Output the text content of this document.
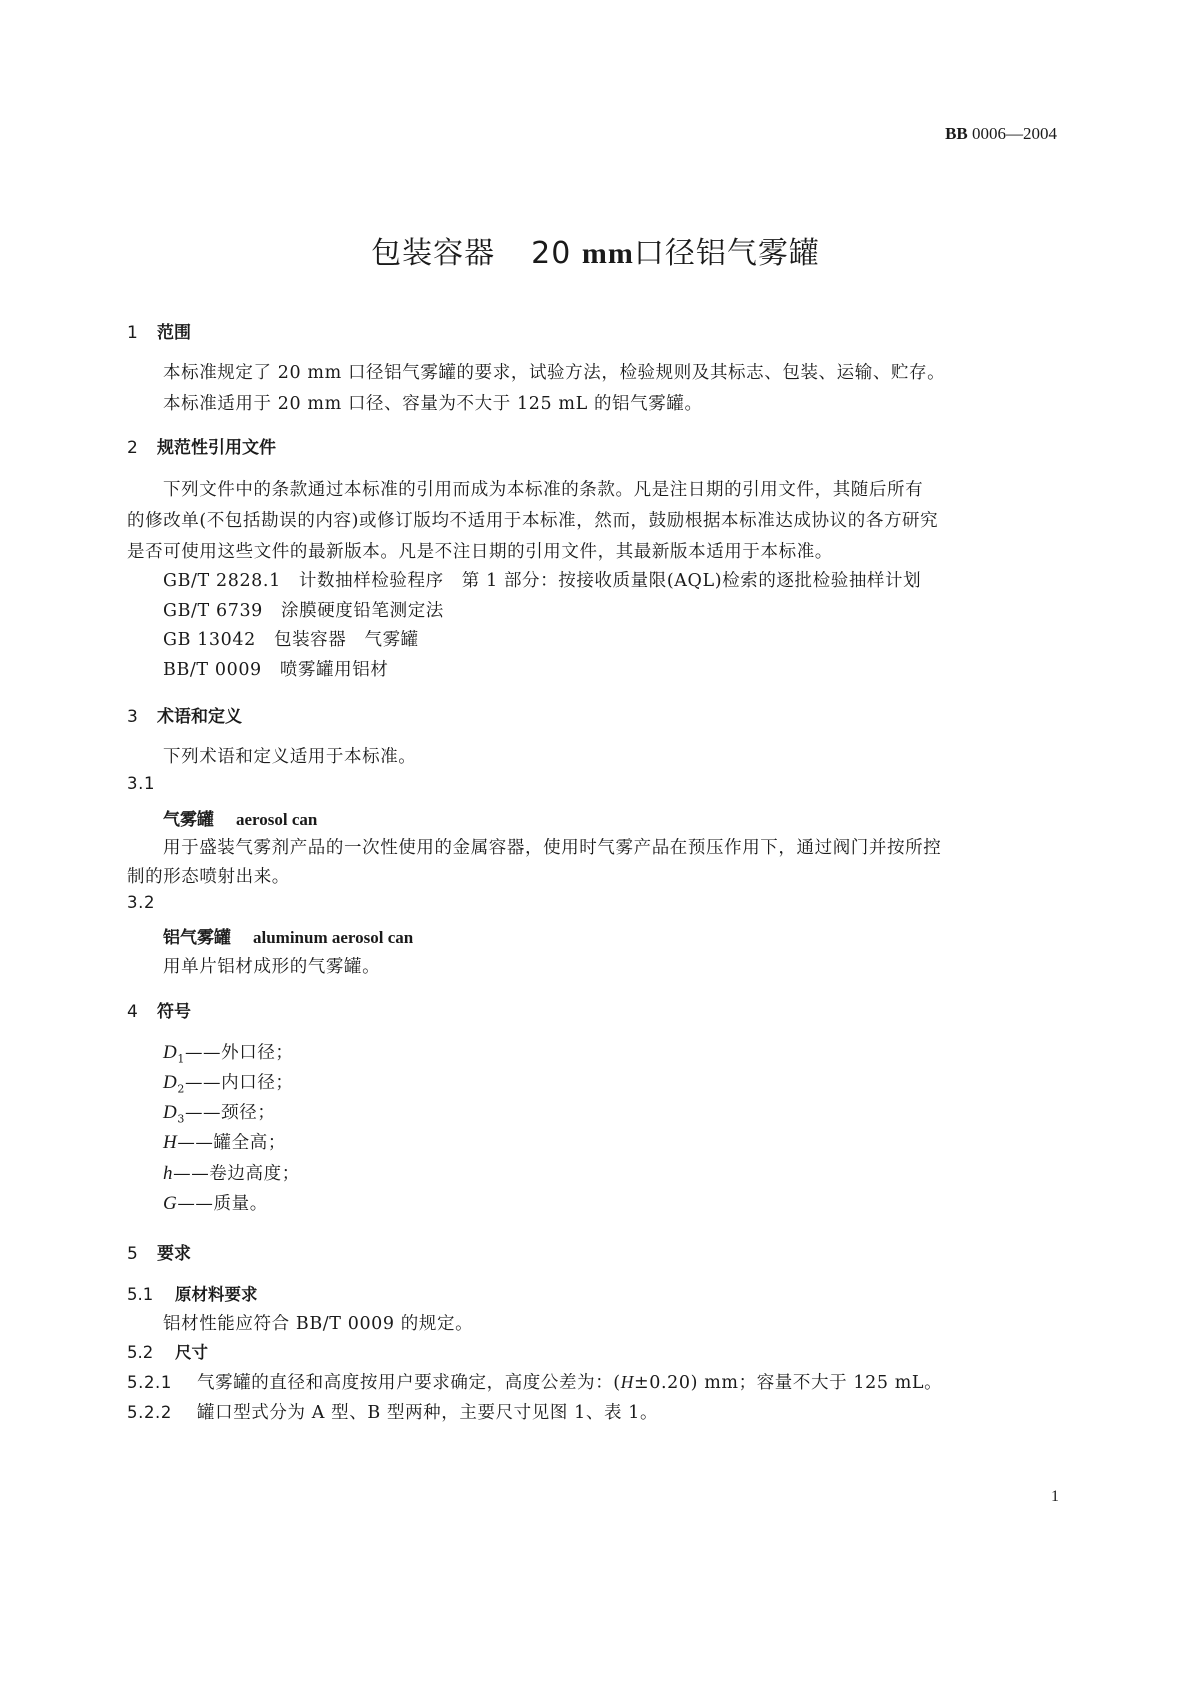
BB 0006—2004
包装容器 20 mm口径铝气雾罐
1 范围
本标准规定了 20 mm 口径铝气雾罐的要求，试验方法，检验规则及其标志、包装、运输、贮存。
本标准适用于 20 mm 口径、容量为不大于 125 mL 的铝气雾罐。
2 规范性引用文件
下列文件中的条款通过本标准的引用而成为本标准的条款。凡是注日期的引用文件，其随后所有
的修改单(不包括勘误的内容)或修订版均不适用于本标准，然而，鼓励根据本标准达成协议的各方研究
是否可使用这些文件的最新版本。凡是不注日期的引用文件，其最新版本适用于本标准。
GB/T 2828.1　计数抽样检验程序　第 1 部分：按接收质量限(AQL)检索的逐批检验抽样计划
GB/T 6739　涂膜硬度铅笔测定法
GB 13042　包装容器　气雾罐
BB/T 0009　喷雾罐用铝材
3 术语和定义
下列术语和定义适用于本标准。
3.1
气雾罐 aerosol can
用于盛装气雾剂产品的一次性使用的金属容器，使用时气雾产品在预压作用下，通过阀门并按所控
制的形态喷射出来。
3.2
铝气雾罐 aluminum aerosol can
用单片铝材成形的气雾罐。
4 符号
$D_1——$外口径；
$D_2——$内口径；
$D_3——$颈径；
H——罐全高；
h——卷边高度；
G——质量。
5 要求
5.1 原材料要求
铝材性能应符合 BB/T 0009 的规定。
5.2 尺寸
5.2.1 气雾罐的直径和高度按用户要求确定，高度公差为：(H±0.20) mm；容量不大于 125 mL。
5.2.2 罐口型式分为 A 型、B 型两种，主要尺寸见图 1、表 1。
1
